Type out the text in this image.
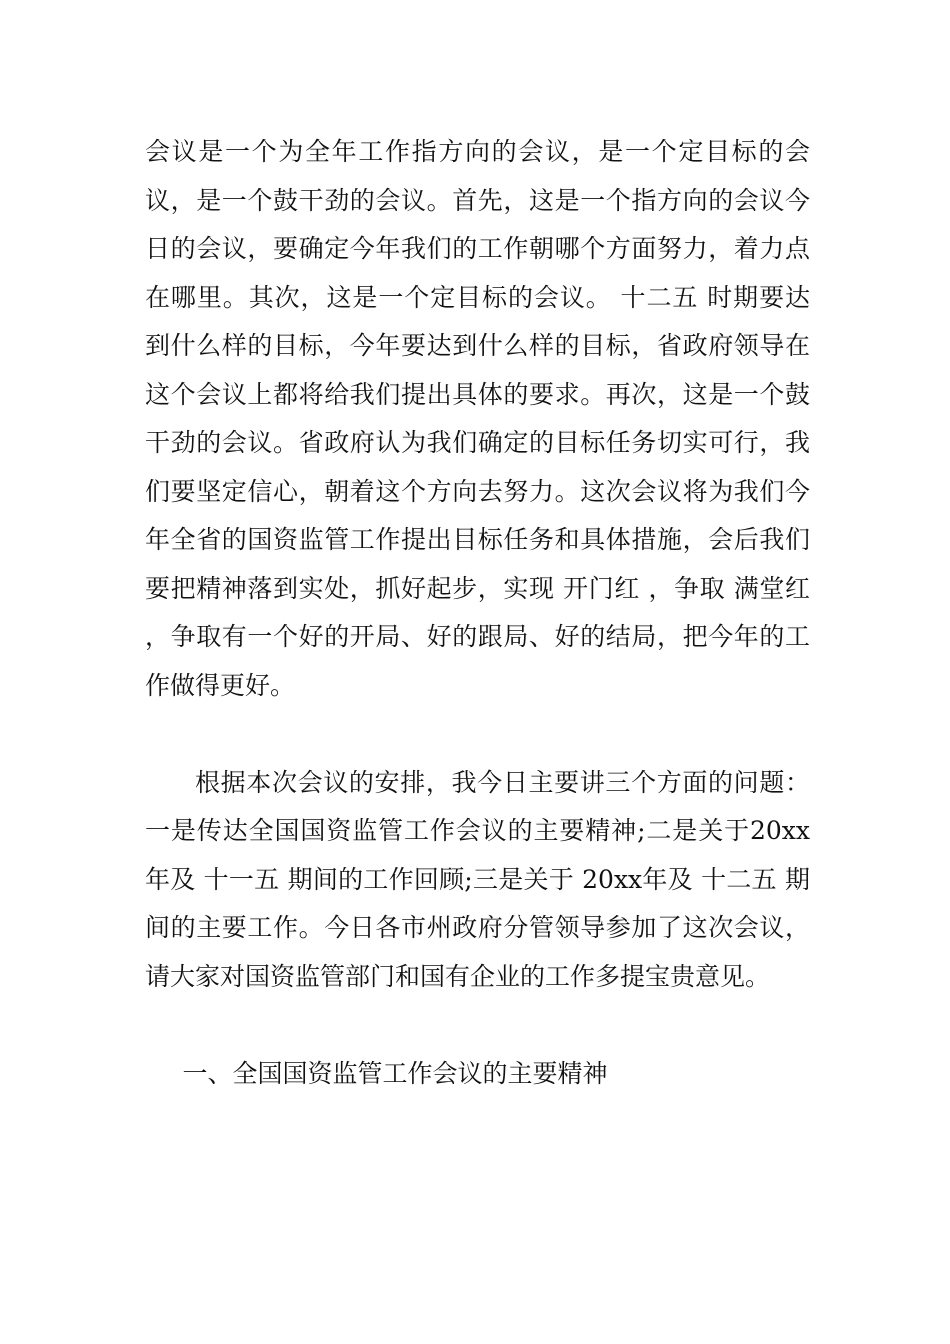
会议是一个为全年工作指方向的会议，是一个定目标的会议，是一个鼓干劲的会议。首先，这是一个指方向的会议今日的会议，要确定今年我们的工作朝哪个方面努力，着力点在哪里。其次，这是一个定目标的会议。 十二五 时期要达到什么样的目标，今年要达到什么样的目标，省政府领导在这个会议上都将给我们提出具体的要求。再次，这是一个鼓干劲的会议。省政府认为我们确定的目标任务切实可行，我们要坚定信心，朝着这个方向去努力。这次会议将为我们今年全省的国资监管工作提出目标任务和具体措施，会后我们要把精神落到实处，抓好起步，实现 开门红 ，争取 满堂红 ，争取有一个好的开局、好的跟局、好的结局，把今年的工作做得更好。

根据本次会议的安排，我今日主要讲三个方面的问题：一是传达全国国资监管工作会议的主要精神;二是关于20xx年及 十一五 期间的工作回顾;三是关于 20xx年及 十二五 期间的主要工作。今日各市州政府分管领导参加了这次会议，请大家对国资监管部门和国有企业的工作多提宝贵意见。

一、全国国资监管工作会议的主要精神
